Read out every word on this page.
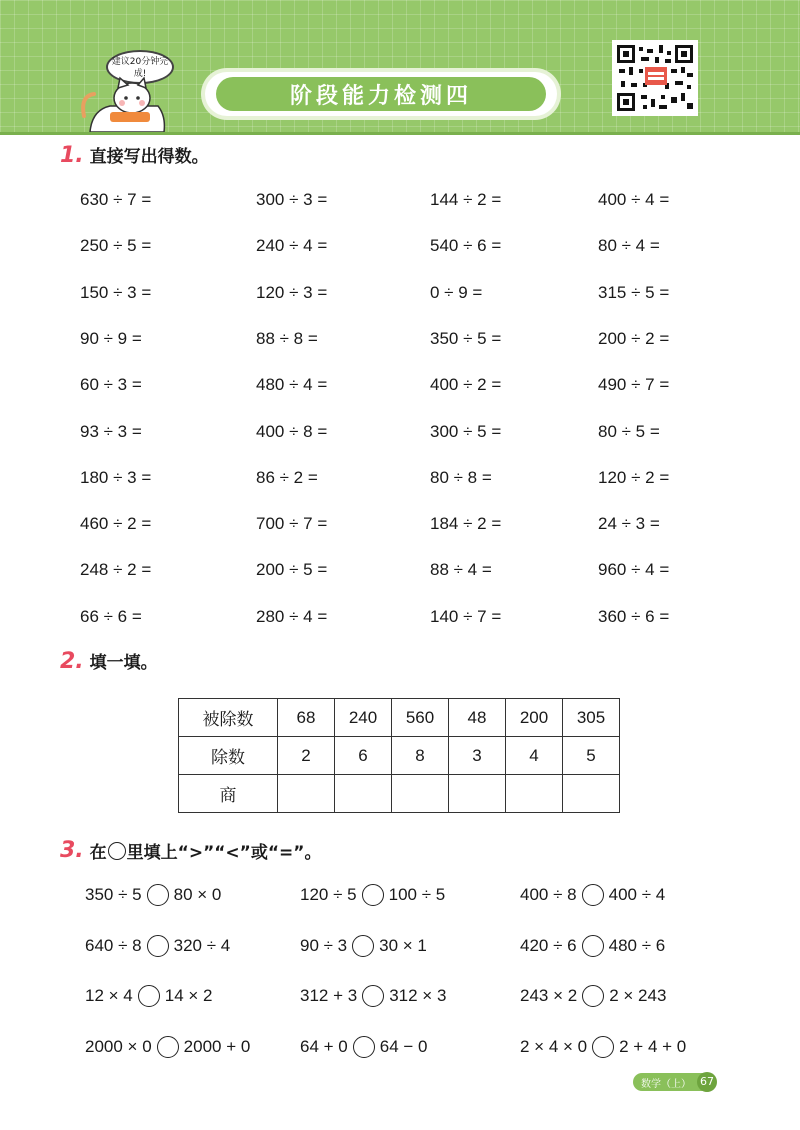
建议20分钟完成!
阶段能力检测四
1. 直接写出得数。
630 ÷ 7 =	300 ÷ 3 =	144 ÷ 2 =	400 ÷ 4 =
250 ÷ 5 =	240 ÷ 4 =	540 ÷ 6 =	80 ÷ 4 =
150 ÷ 3 =	120 ÷ 3 =	0 ÷ 9 =	315 ÷ 5 =
90 ÷ 9 =	88 ÷ 8 =	350 ÷ 5 =	200 ÷ 2 =
60 ÷ 3 =	480 ÷ 4 =	400 ÷ 2 =	490 ÷ 7 =
93 ÷ 3 =	400 ÷ 8 =	300 ÷ 5 =	80 ÷ 5 =
180 ÷ 3 =	86 ÷ 2 =	80 ÷ 8 =	120 ÷ 2 =
460 ÷ 2 =	700 ÷ 7 =	184 ÷ 2 =	24 ÷ 3 =
248 ÷ 2 =	200 ÷ 5 =	88 ÷ 4 =	960 ÷ 4 =
66 ÷ 6 =	280 ÷ 4 =	140 ÷ 7 =	360 ÷ 6 =
2. 填一填。
被除数	68	240	560	48	200	305
除数	2	6	8	3	4	5
商						
3. 在 里填上“>”“<”或“=”。
350 ÷ 5 80 × 0	120 ÷ 5 100 ÷ 5	400 ÷ 8 400 ÷ 4
640 ÷ 8 320 ÷ 4	90 ÷ 3 30 × 1	420 ÷ 6 480 ÷ 6
12 × 4 14 × 2	312 + 3 312 × 3	243 × 2 2 × 243
2000 × 0 2000 + 0	64 + 0 64 − 0	2 × 4 × 0 2 + 4 + 0
数学（上） 67
